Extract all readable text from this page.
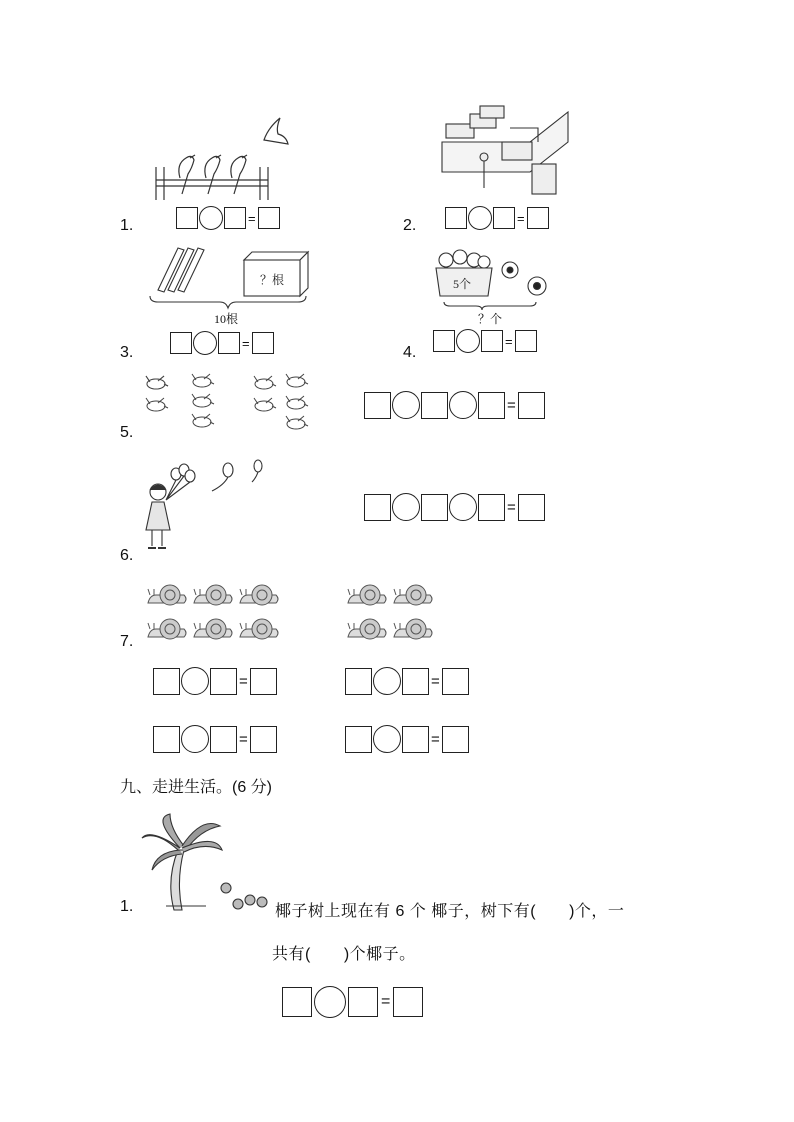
1.	=	2.	=
？根
10根
3.
=
5个
？个
4.
=
5.
=
6.
=
7.
=	=
=	=
九、走进生活。(6 分)
1.	椰子树上现在有 6 个 椰子，树下有(　　)个，一
共有(　　)个椰子。
=
